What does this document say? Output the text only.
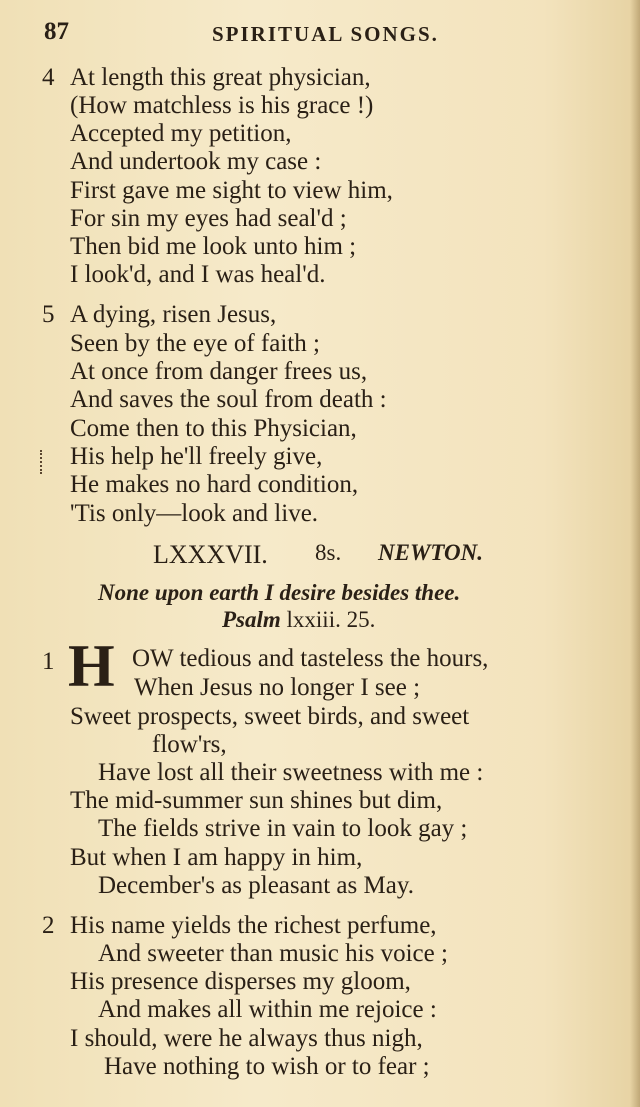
87	SPIRITUAL SONGS.
4 At length this great physician,
(How matchless is his grace !)
Accepted my petition,
And undertook my case :
First gave me sight to view him,
For sin my eyes had seal'd ;
Then bid me look unto him ;
I look'd, and I was heal'd.
5 A dying, risen Jesus,
Seen by the eye of faith ;
At once from danger frees us,
And saves the soul from death :
Come then to this Physician,
His help he'll freely give,
He makes no hard condition,
'Tis only—look and live.
LXXXVII. 8s. NEWTON.
None upon earth I desire besides thee.
Psalm lxxiii. 25.
1 H OW tedious and tasteless the hours,
When Jesus no longer I see ;
Sweet prospects, sweet birds, and sweet
flow'rs,
Have lost all their sweetness with me :
The mid-summer sun shines but dim,
The fields strive in vain to look gay ;
But when I am happy in him,
December's as pleasant as May.
2 His name yields the richest perfume,
And sweeter than music his voice ;
His presence disperses my gloom,
And makes all within me rejoice :
I should, were he always thus nigh,
Have nothing to wish or to fear ;
